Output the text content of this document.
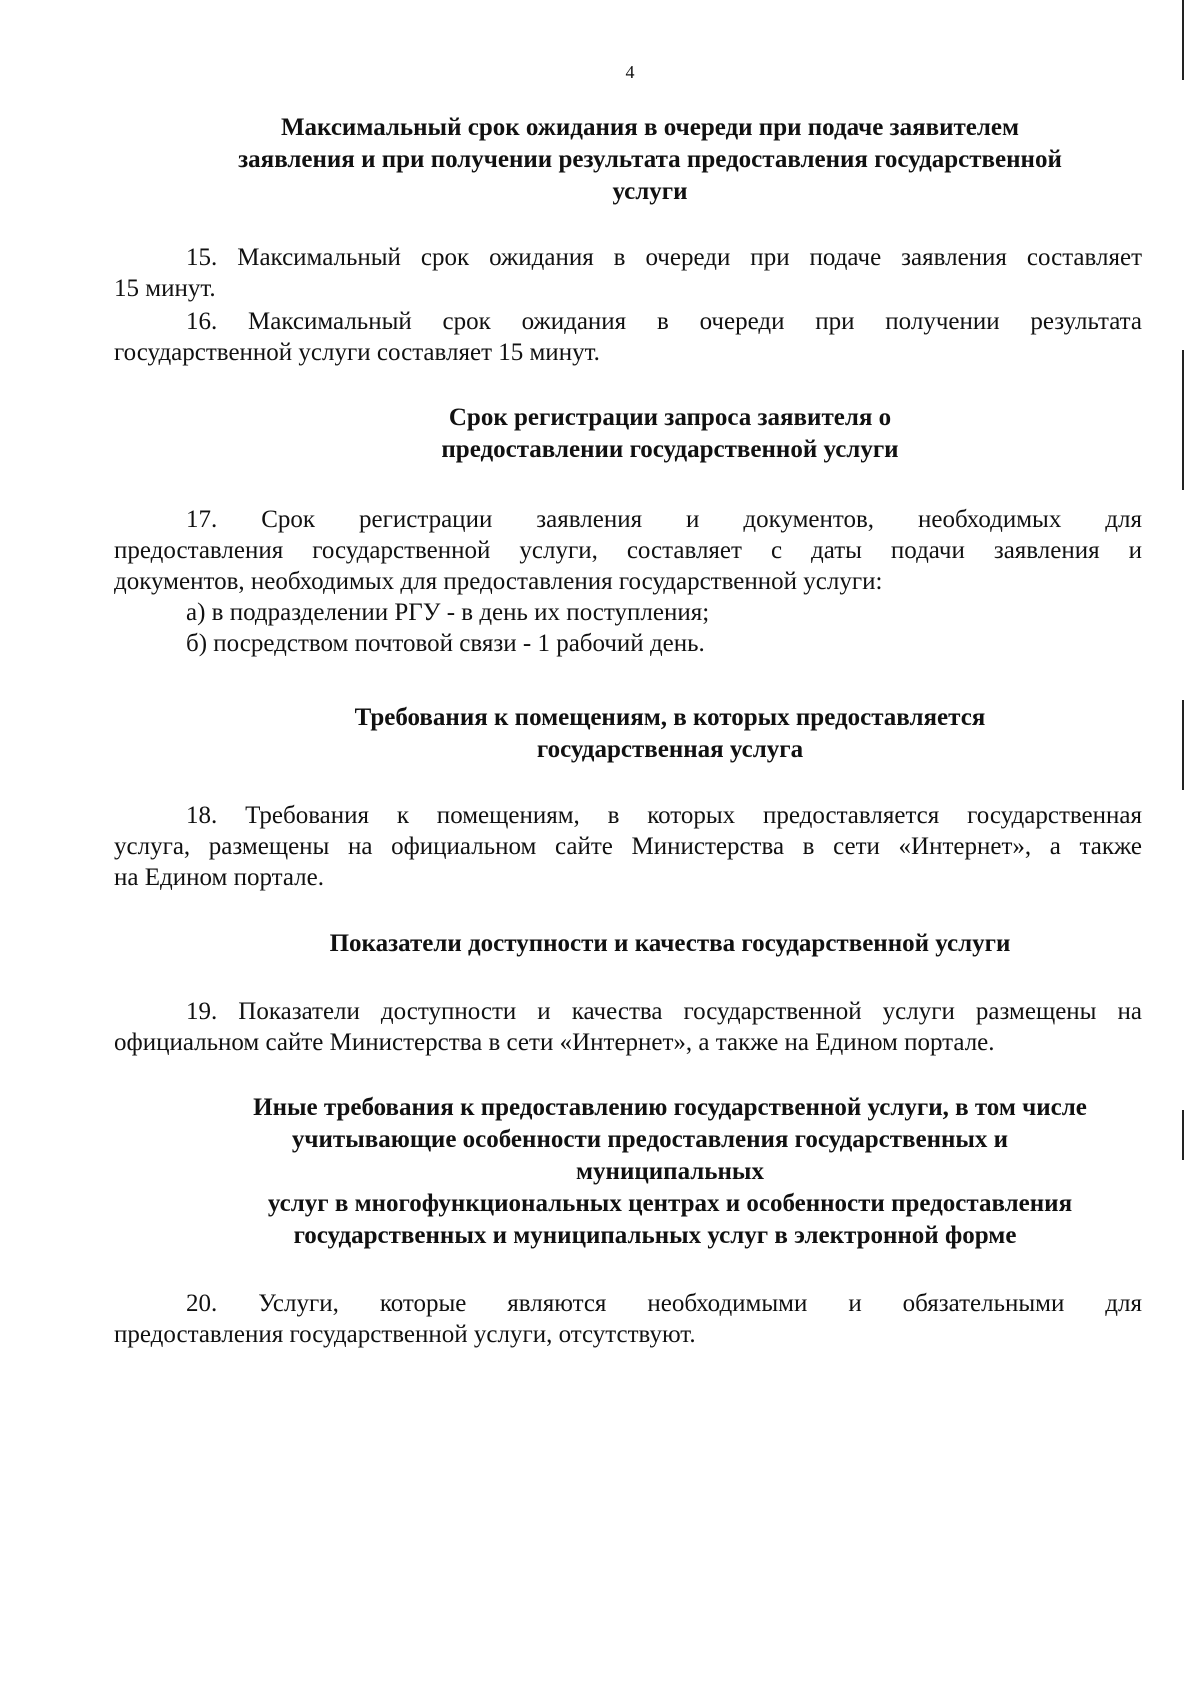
4
Максимальный срок ожидания в очереди при подаче заявителем
заявления и при получении результата предоставления государственной
услуги
15. Максимальный срок ожидания в очереди при подаче заявления составляет
15 минут.
16. Максимальный срок ожидания в очереди при получении результата
государственной услуги составляет 15 минут.
Срок регистрации запроса заявителя о
предоставлении государственной услуги
17. Срок регистрации заявления и документов, необходимых для
предоставления государственной услуги, составляет с даты подачи заявления и
документов, необходимых для предоставления государственной услуги:
а) в подразделении РГУ - в день их поступления;
б) посредством почтовой связи - 1 рабочий день.
Требования к помещениям, в которых предоставляется
государственная услуга
18. Требования к помещениям, в которых предоставляется государственная
услуга, размещены на официальном сайте Министерства в сети «Интернет», а также
на Едином портале.
Показатели доступности и качества государственной услуги
19. Показатели доступности и качества государственной услуги размещены на
официальном сайте Министерства в сети «Интернет», а также на Едином портале.
Иные требования к предоставлению государственной услуги, в том числе
учитывающие особенности предоставления государственных и
муниципальных
услуг в многофункциональных центрах и особенности предоставления
государственных и муниципальных услуг в электронной форме
20. Услуги, которые являются необходимыми и обязательными для
предоставления государственной услуги, отсутствуют.
